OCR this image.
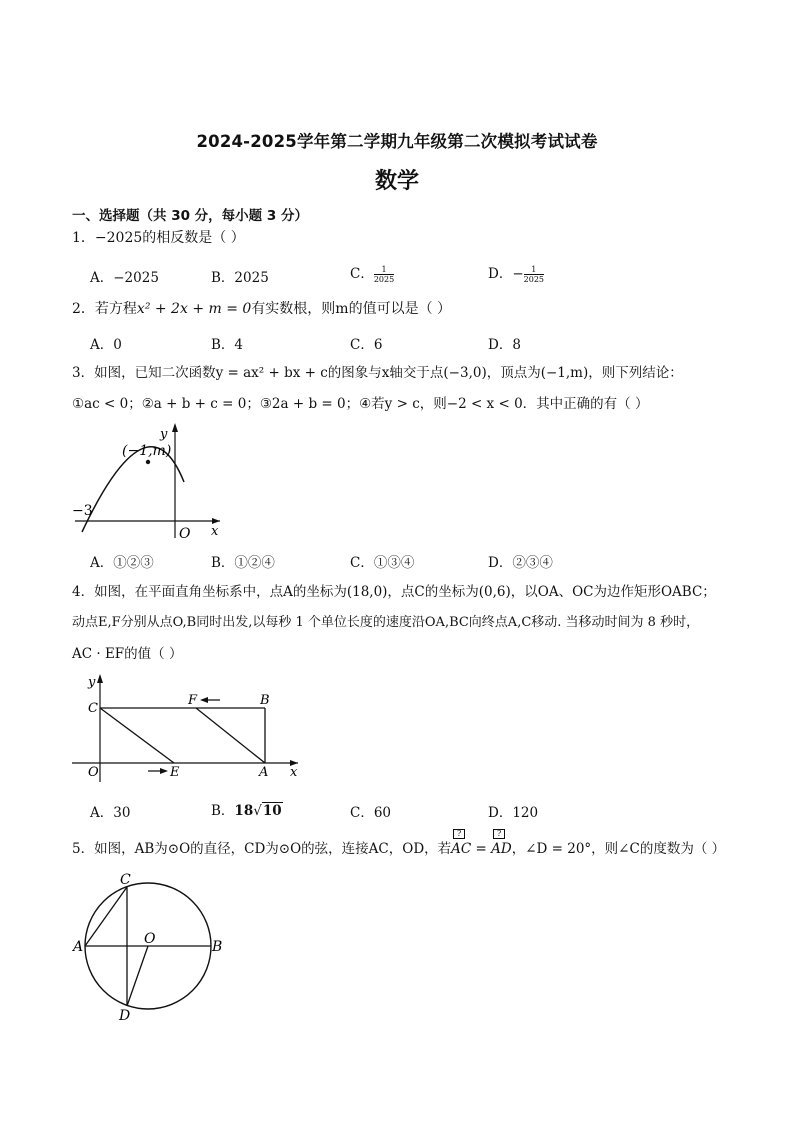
2024-2025学年第二学期九年级第二次模拟考试试卷
数学
一、选择题（共 30 分，每小题 3 分）
1．−2025的相反数是（ ）
A．−2025	B．2025	C． $\frac{1}{2025}$	D．− $\frac{1}{2025}$
2．若方程x² + 2x + m = 0有实数根，则m的值可以是（ ）
A．0	B．4	C．6	D．8
3．如图，已知二次函数y = ax² + bx + c的图象与x轴交于点(−3,0)，顶点为(−1,m)，则下列结论：
①ac < 0；②a + b + c = 0；③2a + b = 0；④若y > c，则−2 < x < 0．其中正确的有（ ）
(−1,m)
−3
O x
y
A．①②③	B．①②④	C．①③④	D．②③④
4．如图，在平面直角坐标系中，点A的坐标为(18,0)，点C的坐标为(0,6)，以OA、OC为边作矩形OABC；
动点E,F分别从点O,B同时出发,以每秒 1 个单位长度的速度沿OA,BC向终点A,C移动. 当移动时间为 8 秒时，
AC · EF的值（ ）
C
F	B
O	E	A x
y
A．30	B．18√10	C．60	D．120
5．如图，AB为⊙O的直径，CD为⊙O的弦，连接AC，OD，若
?
AC =
?
AD，∠D = 20°，则∠C的度数为（ ）
C
A	O	B
D
